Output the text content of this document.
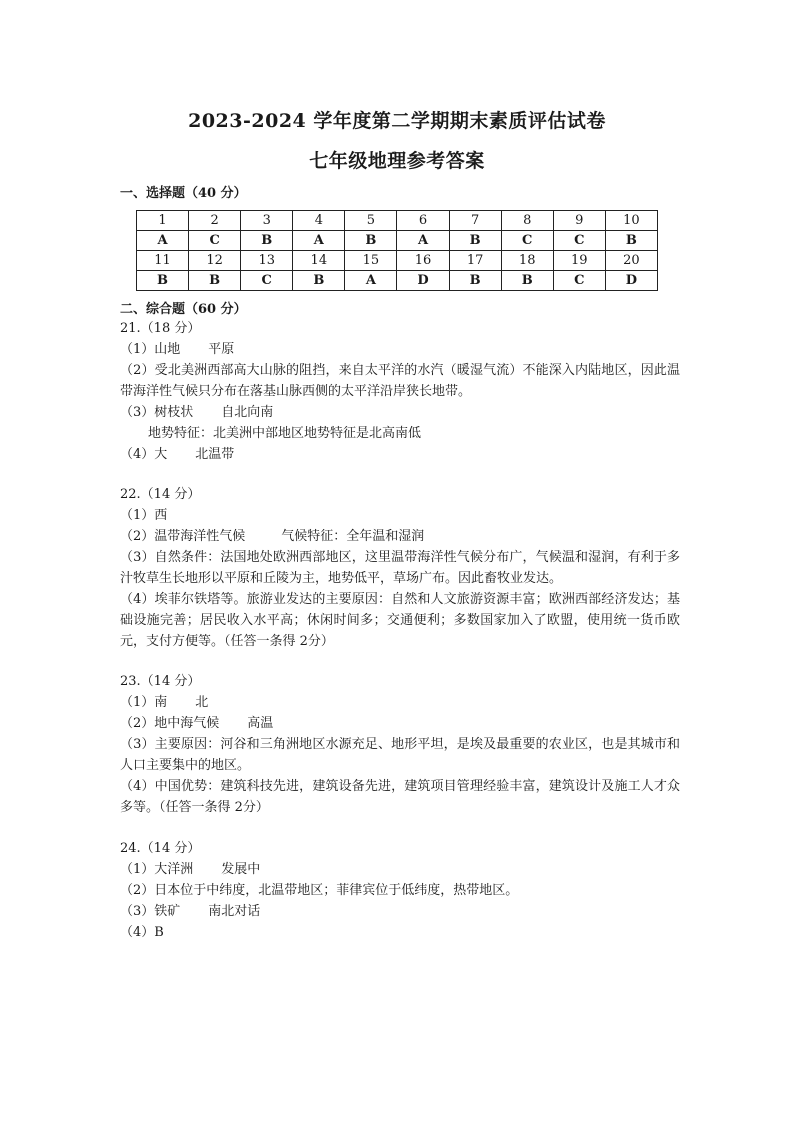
2023-2024 学年度第二学期期末素质评估试卷
七年级地理参考答案
一、选择题（40 分）
1	2	3	4	5	6	7	8	9	10
A	C	B	A	B	A	B	C	C	B
11	12	13	14	15	16	17	18	19	20
B	B	C	B	A	D	B	B	C	D
二、综合题（60 分）
21.（18 分）
（1）山地 平原
（2）受北美洲西部高大山脉的阻挡，来自太平洋的水汽（暖湿气流）不能深入内陆地区，因此温带海洋性气候只分布在落基山脉西侧的太平洋沿岸狭长地带。
（3）树枝状 自北向南
地势特征：北美洲中部地区地势特征是北高南低
（4）大 北温带
22.（14 分）
（1）西
（2）温带海洋性气候	气候特征：全年温和湿润
（3）自然条件：法国地处欧洲西部地区，这里温带海洋性气候分布广，气候温和湿润，有利于多汁牧草生长地形以平原和丘陵为主，地势低平，草场广布。因此畜牧业发达。
（4）埃菲尔铁塔等。旅游业发达的主要原因：自然和人文旅游资源丰富；欧洲西部经济发达；基础设施完善；居民收入水平高；休闲时间多；交通便利；多数国家加入了欧盟，使用统一货币欧元，支付方便等。（任答一条得 2分）
23.（14 分）
（1）南 北
（2）地中海气候 高温
（3）主要原因：河谷和三角洲地区水源充足、地形平坦，是埃及最重要的农业区，也是其城市和人口主要集中的地区。
（4）中国优势：建筑科技先进，建筑设备先进，建筑项目管理经验丰富，建筑设计及施工人才众多等。（任答一条得 2分）
24.（14 分）
（1）大洋洲 发展中
（2）日本位于中纬度，北温带地区；菲律宾位于低纬度，热带地区。
（3）铁矿 南北对话
（4）B
